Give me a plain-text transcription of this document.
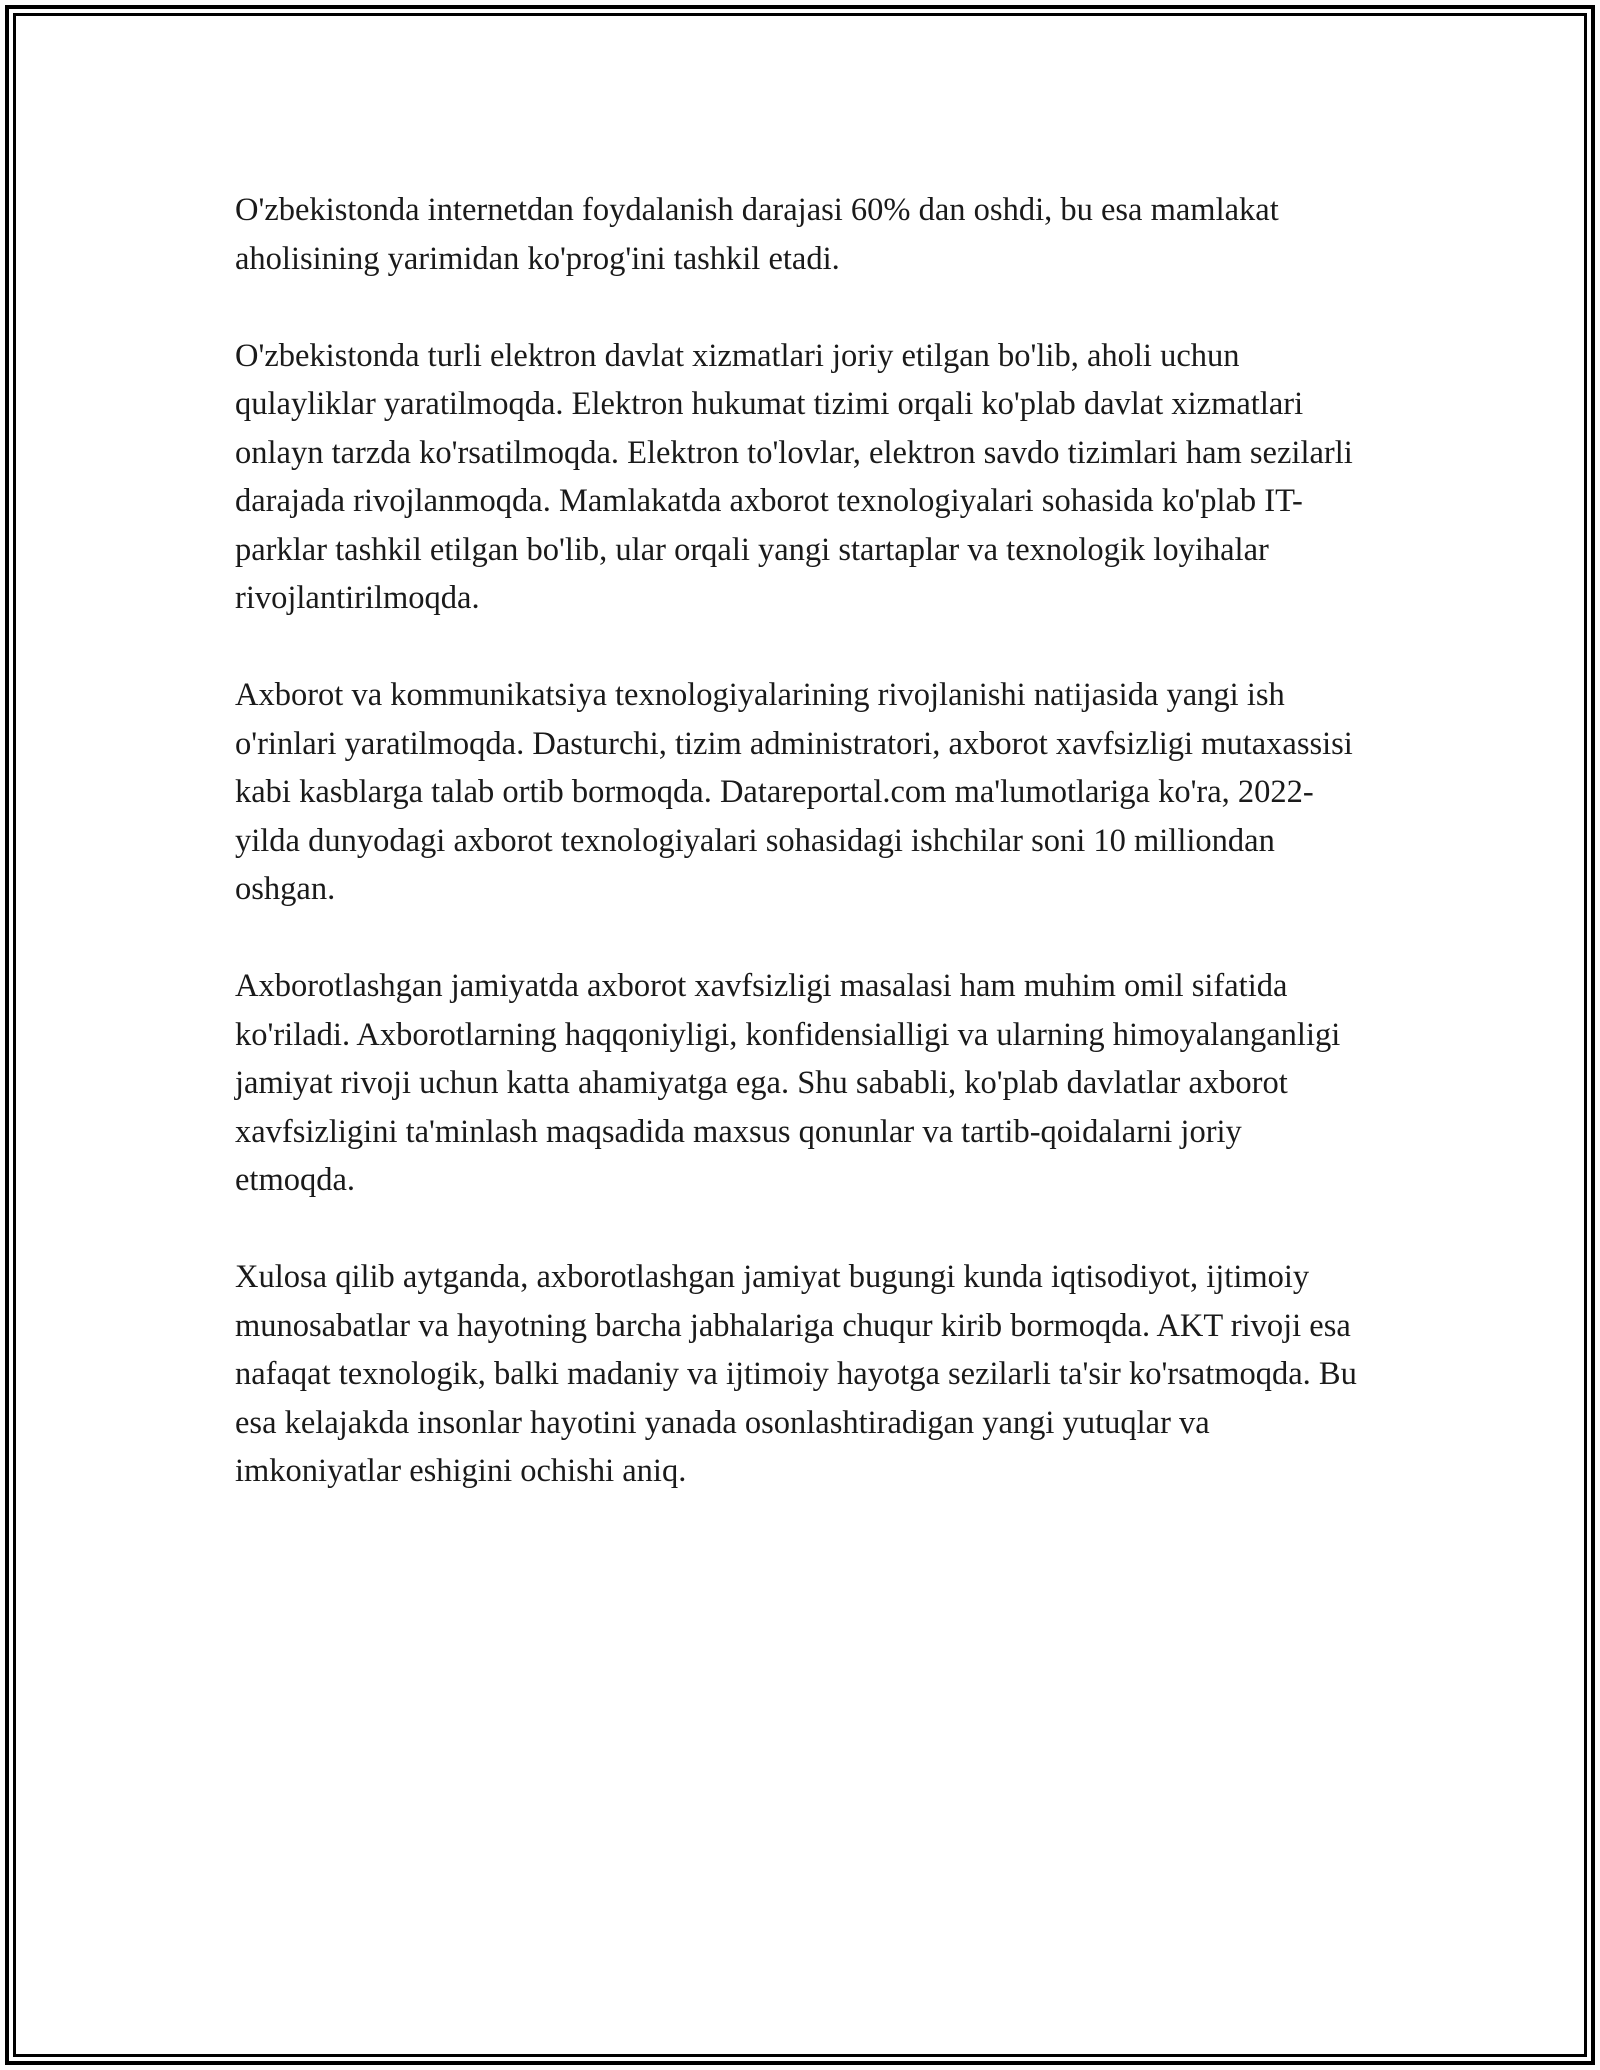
O'zbekistonda internetdan foydalanish darajasi 60% dan oshdi, bu esa mamlakat aholisining yarimidan ko'prog'ini tashkil etadi.

O'zbekistonda turli elektron davlat xizmatlari joriy etilgan bo'lib, aholi uchun qulayliklar yaratilmoqda. Elektron hukumat tizimi orqali ko'plab davlat xizmatlari onlayn tarzda ko'rsatilmoqda. Elektron to'lovlar, elektron savdo tizimlari ham sezilarli darajada rivojlanmoqda. Mamlakatda axborot texnologiyalari sohasida ko'plab IT-parklar tashkil etilgan bo'lib, ular orqali yangi startaplar va texnologik loyihalar rivojlantirilmoqda.

Axborot va kommunikatsiya texnologiyalarining rivojlanishi natijasida yangi ish o'rinlari yaratilmoqda. Dasturchi, tizim administratori, axborot xavfsizligi mutaxassisi kabi kasblarga talab ortib bormoqda. Datareportal.com ma'lumotlariga ko'ra, 2022-yilda dunyodagi axborot texnologiyalari sohasidagi ishchilar soni 10 milliondan oshgan.

Axborotlashgan jamiyatda axborot xavfsizligi masalasi ham muhim omil sifatida ko'riladi. Axborotlarning haqqoniyligi, konfidensialligi va ularning himoyalanganligi jamiyat rivoji uchun katta ahamiyatga ega. Shu sababli, ko'plab davlatlar axborot xavfsizligini ta'minlash maqsadida maxsus qonunlar va tartib-qoidalarni joriy etmoqda.

Xulosa qilib aytganda, axborotlashgan jamiyat bugungi kunda iqtisodiyot, ijtimoiy munosabatlar va hayotning barcha jabhalariga chuqur kirib bormoqda. AKT rivoji esa nafaqat texnologik, balki madaniy va ijtimoiy hayotga sezilarli ta'sir ko'rsatmoqda. Bu esa kelajakda insonlar hayotini yanada osonlashtiradigan yangi yutuqlar va imkoniyatlar eshigini ochishi aniq.
